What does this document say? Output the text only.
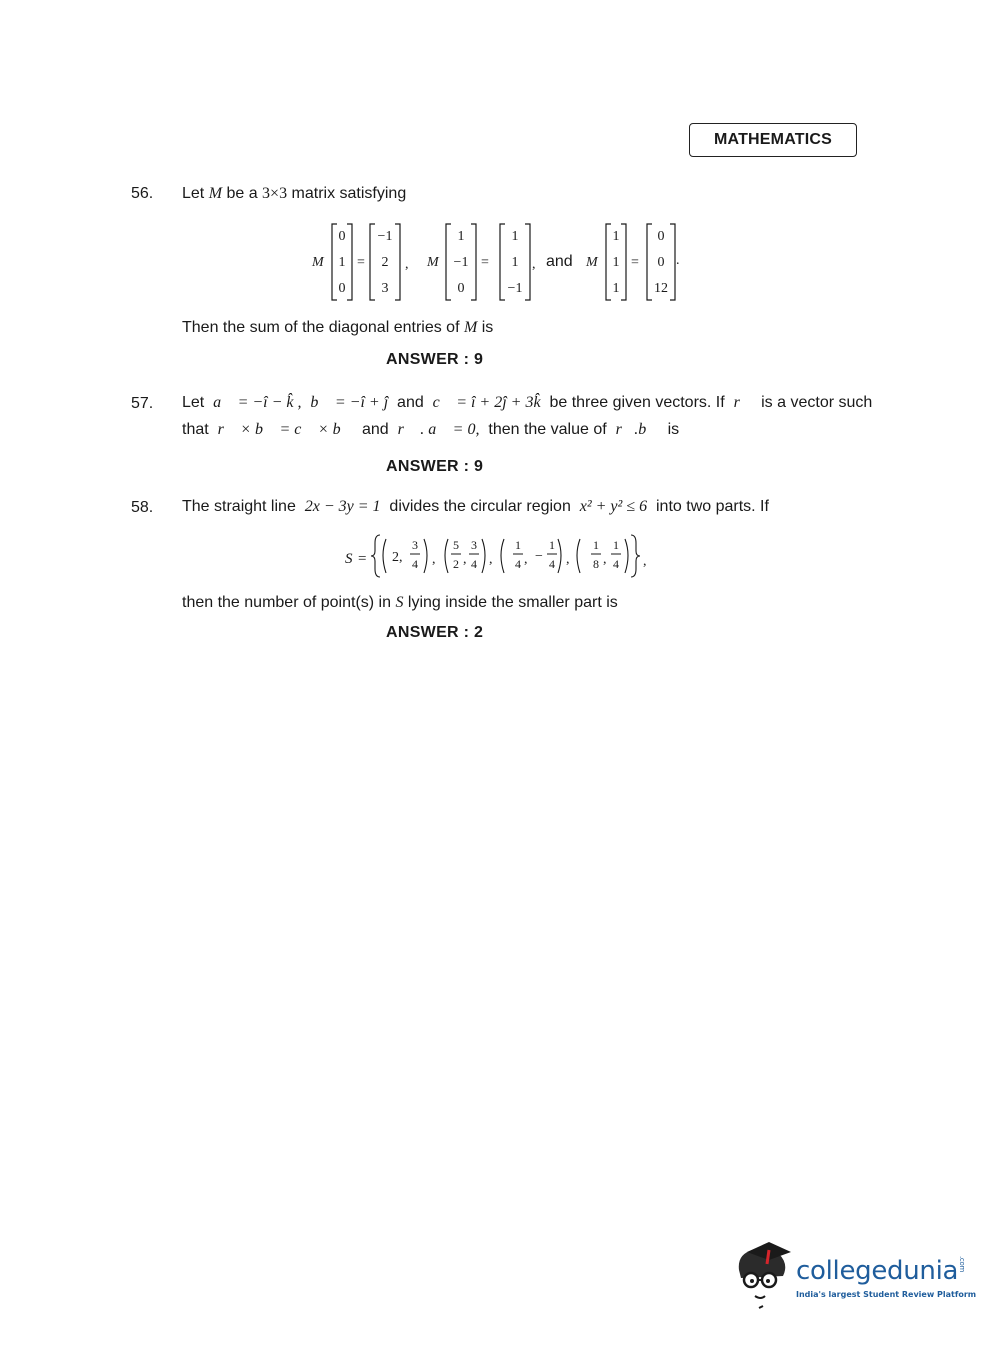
MATHEMATICS
56. Let M be a 3×3 matrix satisfying
M	M	and M
0
1
0
=
−1
2
3
1
−1
0
=
1
1
−1
1
1
1
=
0
0
12
,	,	.
Then the sum of the diagonal entries of M is
ANSWER : 9
57. Let a⃗ = −î − k̂ , b⃗ = −î + ĵ and c⃗ = î + 2ĵ + 3k̂ be three given vectors. If r⃗ is a vector such
that r⃗ × b⃗ = c⃗ × b⃗ and r⃗ . a⃗ = 0, then the value of r⃗.b⃗ is
ANSWER : 9
58. The straight line 2x − 3y = 1 divides the circular region x² + y² ≤ 6 into two parts. If
S = 2,
3
4 ,
5
2 ,
3
4 ,
1
4 , −
1
4 ,
1
8 ,
1
4 ,
then the number of point(s) in S lying inside the smaller part is
ANSWER : 2
collegedunia.com
India's largest Student Review Platform
